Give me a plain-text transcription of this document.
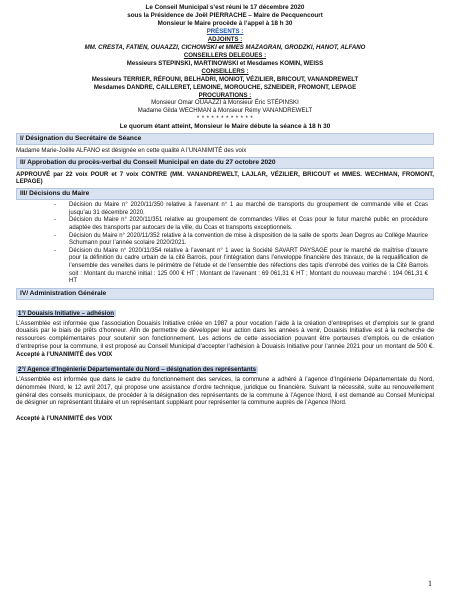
Le Conseil Municipal s’est réuni le 17 décembre 2020
sous la Présidence de Joël PIERRACHE – Maire de Pecquencourt
Monsieur le Maire procède à l’appel à 18 h 30
PRÉSENTS :
ADJOINTS :
MM. CRESTA, FATIEN, OUAAZZI, CICHOWSKI et MMES MAZAGRAN, GRODZKI, HANOT, ALFANO
CONSEILLERS DELEGUES :
Messieurs STEPINSKI, MARTINOWSKI et Mesdames KOMIN, WEISS
CONSEILLERS :
Messieurs TERRIER, RÉFOUNI, BELHADRI, MONIOT, VÉZILIER, BRICOUT, VANANDREWELT
Mesdames DANDRE, CAILLERET, LEMOINE, MOROUCHE, SZNEIDER, FROMONT, LEPAGE
PROCURATIONS :
Monsieur Omar OUAAZZI à Monsieur Éric STÉPINSKI
Madame Gilda WECHMAN à Monsieur Rémy VANANDREWELT
* * * * * * * * * * * *
Le quorum étant atteint, Monsieur le Maire débute la séance à 18 h 30
I/ Désignation du Secrétaire de Séance

Madame Marie-Joëlle ALFANO est désignée en cette qualité A l’UNANIMITÉ des voix

II/ Approbation du procès-verbal du Conseil Municipal en date du 27 octobre 2020

APPROUVÉ par 22 voix POUR et 7 voix CONTRE (MM. VANANDREWELT, LAJLAR, VÉZILIER, BRICOUT et MMES. WECHMAN, FROMONT, LEPAGE)

III/ Décisions du Maire
-	Décision du Maire n° 2020/11/350 relative à l’avenant n° 1 au marché de transports du groupement de commande ville et Ccas jusqu’au 31 décembre 2020.
-	Décision du Maire n° 2020/11/351 relative au groupement de commandes Villes et Ccas pour le futur marché public en procédure adaptée des transports par autocars de la ville, du Ccas et transports exceptionnels.
-	Décision du Maire n° 2020/11/352 relative à la convention de mise à disposition de la salle de sports Jean Degros au Collège Maurice Schumann pour l’année scolaire 2020/2021.
-	Décision du Maire n° 2020/11/354 relative à l’avenant n° 1 avec la Société SAVART PAYSAGE pour le marché de maîtrise d’œuvre pour la définition du cadre urbain de la cité Barrois, pour l’intégration dans l’enveloppe financière des travaux, de la requalification de l’ensemble des venelles dans le périmètre de l’étude et de l’ensemble des réfections des tapis d’enrobé des voiries de la Cité Barrois soit : Montant du marché initial : 125 000 € HT ; Montant de l’avenant : 69 061,31 € HT ; Montant du nouveau marché : 194 061,31 € HT
IV/ Administration Générale
1°/ Douaisis Initiative – adhésion

L’Assemblée est informée que l’association Douaisis Initiative créée en 1987 a pour vocation l’aide à la création d’entreprises et d’emplois sur le grand douaisis par le biais de prêts d’honneur. Afin de permettre de développer leur action dans les années à venir, Douaisis Initiative est à la recherche de ressources complémentaires pour soutenir son fonctionnement. Les actions de cette association pouvant être porteuses d’emplois ou de création d’entreprise pour la commune, il est proposé au Conseil Municipal d’accepter l’adhésion à Douaisis Initiative pour l’année 2021 pour un montant de 500 €. Accepté à l’UNANIMITÉ des VOIX

2°/ Agence d’Ingénierie Départementale du Nord – désignation des représentants

L’Assemblée est informée que dans le cadre du fonctionnement des services, la commune a adhéré à l’agence d’Ingénierie Départementale du Nord, dénommée INord, le 12 avril 2017, qui propose une assistance d’ordre technique, juridique ou financière. Suivant la nécessité, suite au renouvellement général des conseils municipaux, de procéder à la désignation des représentants de la commune à l’Agence INord, il est demandé au Conseil Municipal de désigner un représentant titulaire et un représentant suppléant pour représenter la commune auprès de l’Agence INord.

Accepté à l’UNANIMITÉ des VOIX

1
